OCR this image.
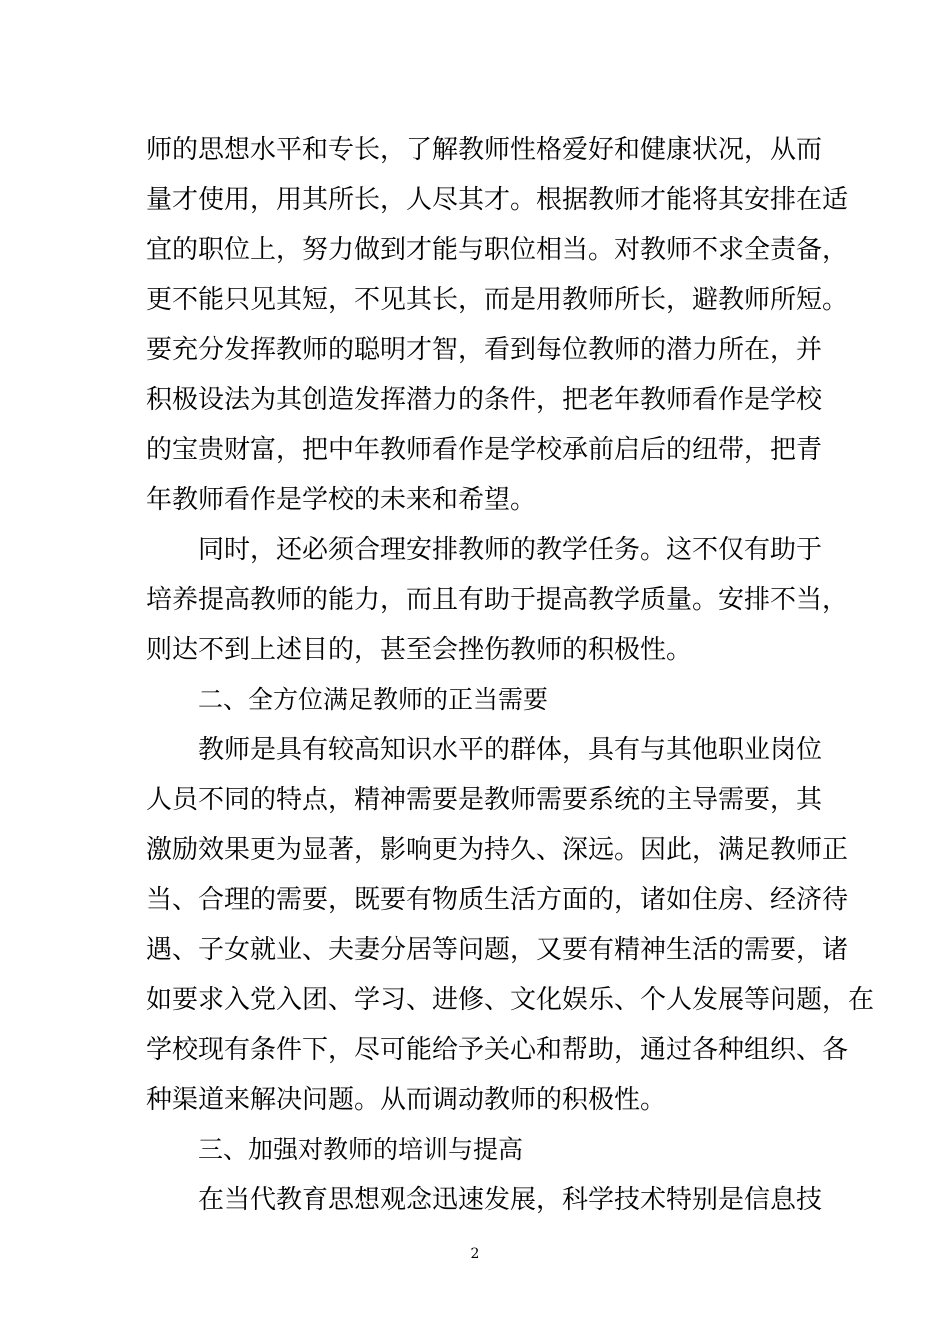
师的思想水平和专长，了解教师性格爱好和健康状况，从而
量才使用，用其所长，人尽其才。根据教师才能将其安排在适
宜的职位上，努力做到才能与职位相当。对教师不求全责备，
更不能只见其短，不见其长，而是用教师所长，避教师所短。
要充分发挥教师的聪明才智，看到每位教师的潜力所在，并
积极设法为其创造发挥潜力的条件，把老年教师看作是学校
的宝贵财富，把中年教师看作是学校承前启后的纽带，把青
年教师看作是学校的未来和希望。
同时，还必须合理安排教师的教学任务。这不仅有助于
培养提高教师的能力，而且有助于提高教学质量。安排不当，
则达不到上述目的，甚至会挫伤教师的积极性。
二、全方位满足教师的正当需要
教师是具有较高知识水平的群体，具有与其他职业岗位
人员不同的特点，精神需要是教师需要系统的主导需要，其
激励效果更为显著，影响更为持久、深远。因此，满足教师正
当、合理的需要，既要有物质生活方面的，诸如住房、经济待
遇、子女就业、夫妻分居等问题，又要有精神生活的需要，诸
如要求入党入团、学习、进修、文化娱乐、个人发展等问题，在
学校现有条件下，尽可能给予关心和帮助，通过各种组织、各
种渠道来解决问题。从而调动教师的积极性。
三、加强对教师的培训与提高
在当代教育思想观念迅速发展，科学技术特别是信息技
2
